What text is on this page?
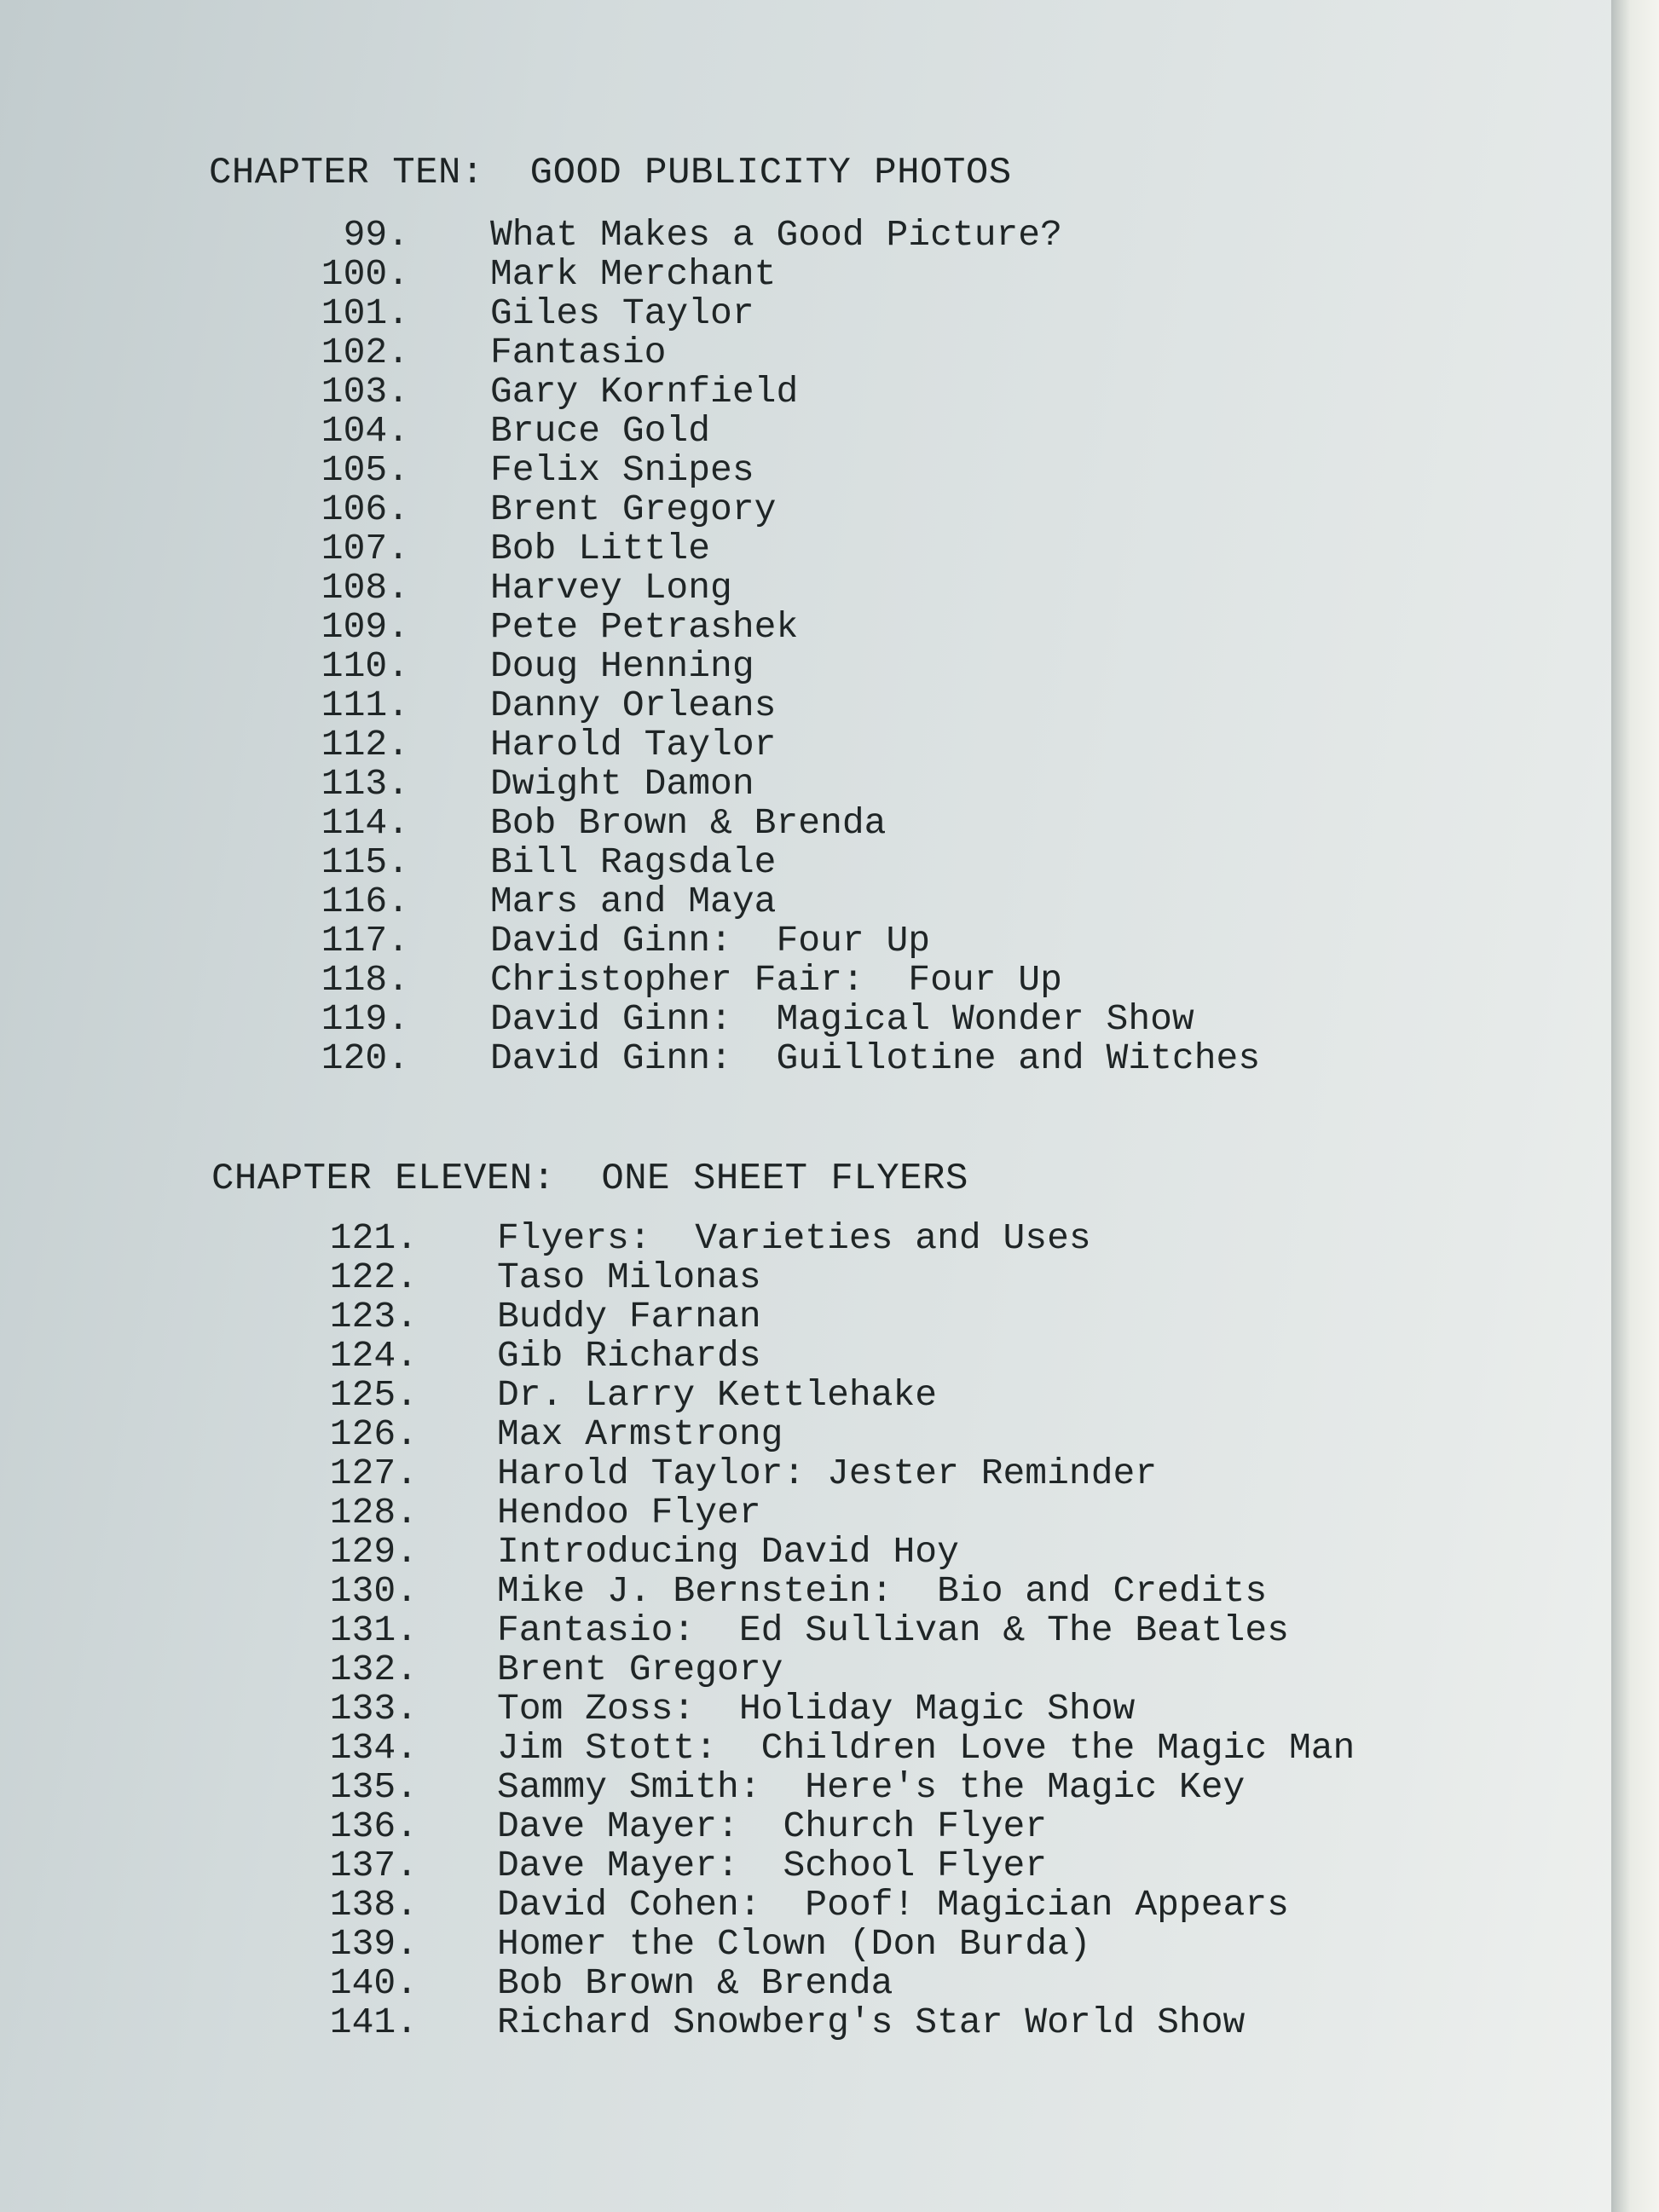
CHAPTER TEN:  GOOD PUBLICITY PHOTOS
99. What Makes a Good Picture?
100. Mark Merchant
101. Giles Taylor
102. Fantasio
103. Gary Kornfield
104. Bruce Gold
105. Felix Snipes
106. Brent Gregory
107. Bob Little
108. Harvey Long
109. Pete Petrashek
110. Doug Henning
111. Danny Orleans
112. Harold Taylor
113. Dwight Damon
114. Bob Brown & Brenda
115. Bill Ragsdale
116. Mars and Maya
117. David Ginn:  Four Up
118. Christopher Fair:  Four Up
119. David Ginn:  Magical Wonder Show
120. David Ginn:  Guillotine and Witches
CHAPTER ELEVEN:  ONE SHEET FLYERS
121. Flyers:  Varieties and Uses
122. Taso Milonas
123. Buddy Farnan
124. Gib Richards
125. Dr. Larry Kettlehake
126. Max Armstrong
127. Harold Taylor: Jester Reminder
128. Hendoo Flyer
129. Introducing David Hoy
130. Mike J. Bernstein:  Bio and Credits
131. Fantasio:  Ed Sullivan & The Beatles
132. Brent Gregory
133. Tom Zoss:  Holiday Magic Show
134. Jim Stott:  Children Love the Magic Man
135. Sammy Smith:  Here's the Magic Key
136. Dave Mayer:  Church Flyer
137. Dave Mayer:  School Flyer
138. David Cohen:  Poof! Magician Appears
139. Homer the Clown (Don Burda)
140. Bob Brown & Brenda
141. Richard Snowberg's Star World Show
